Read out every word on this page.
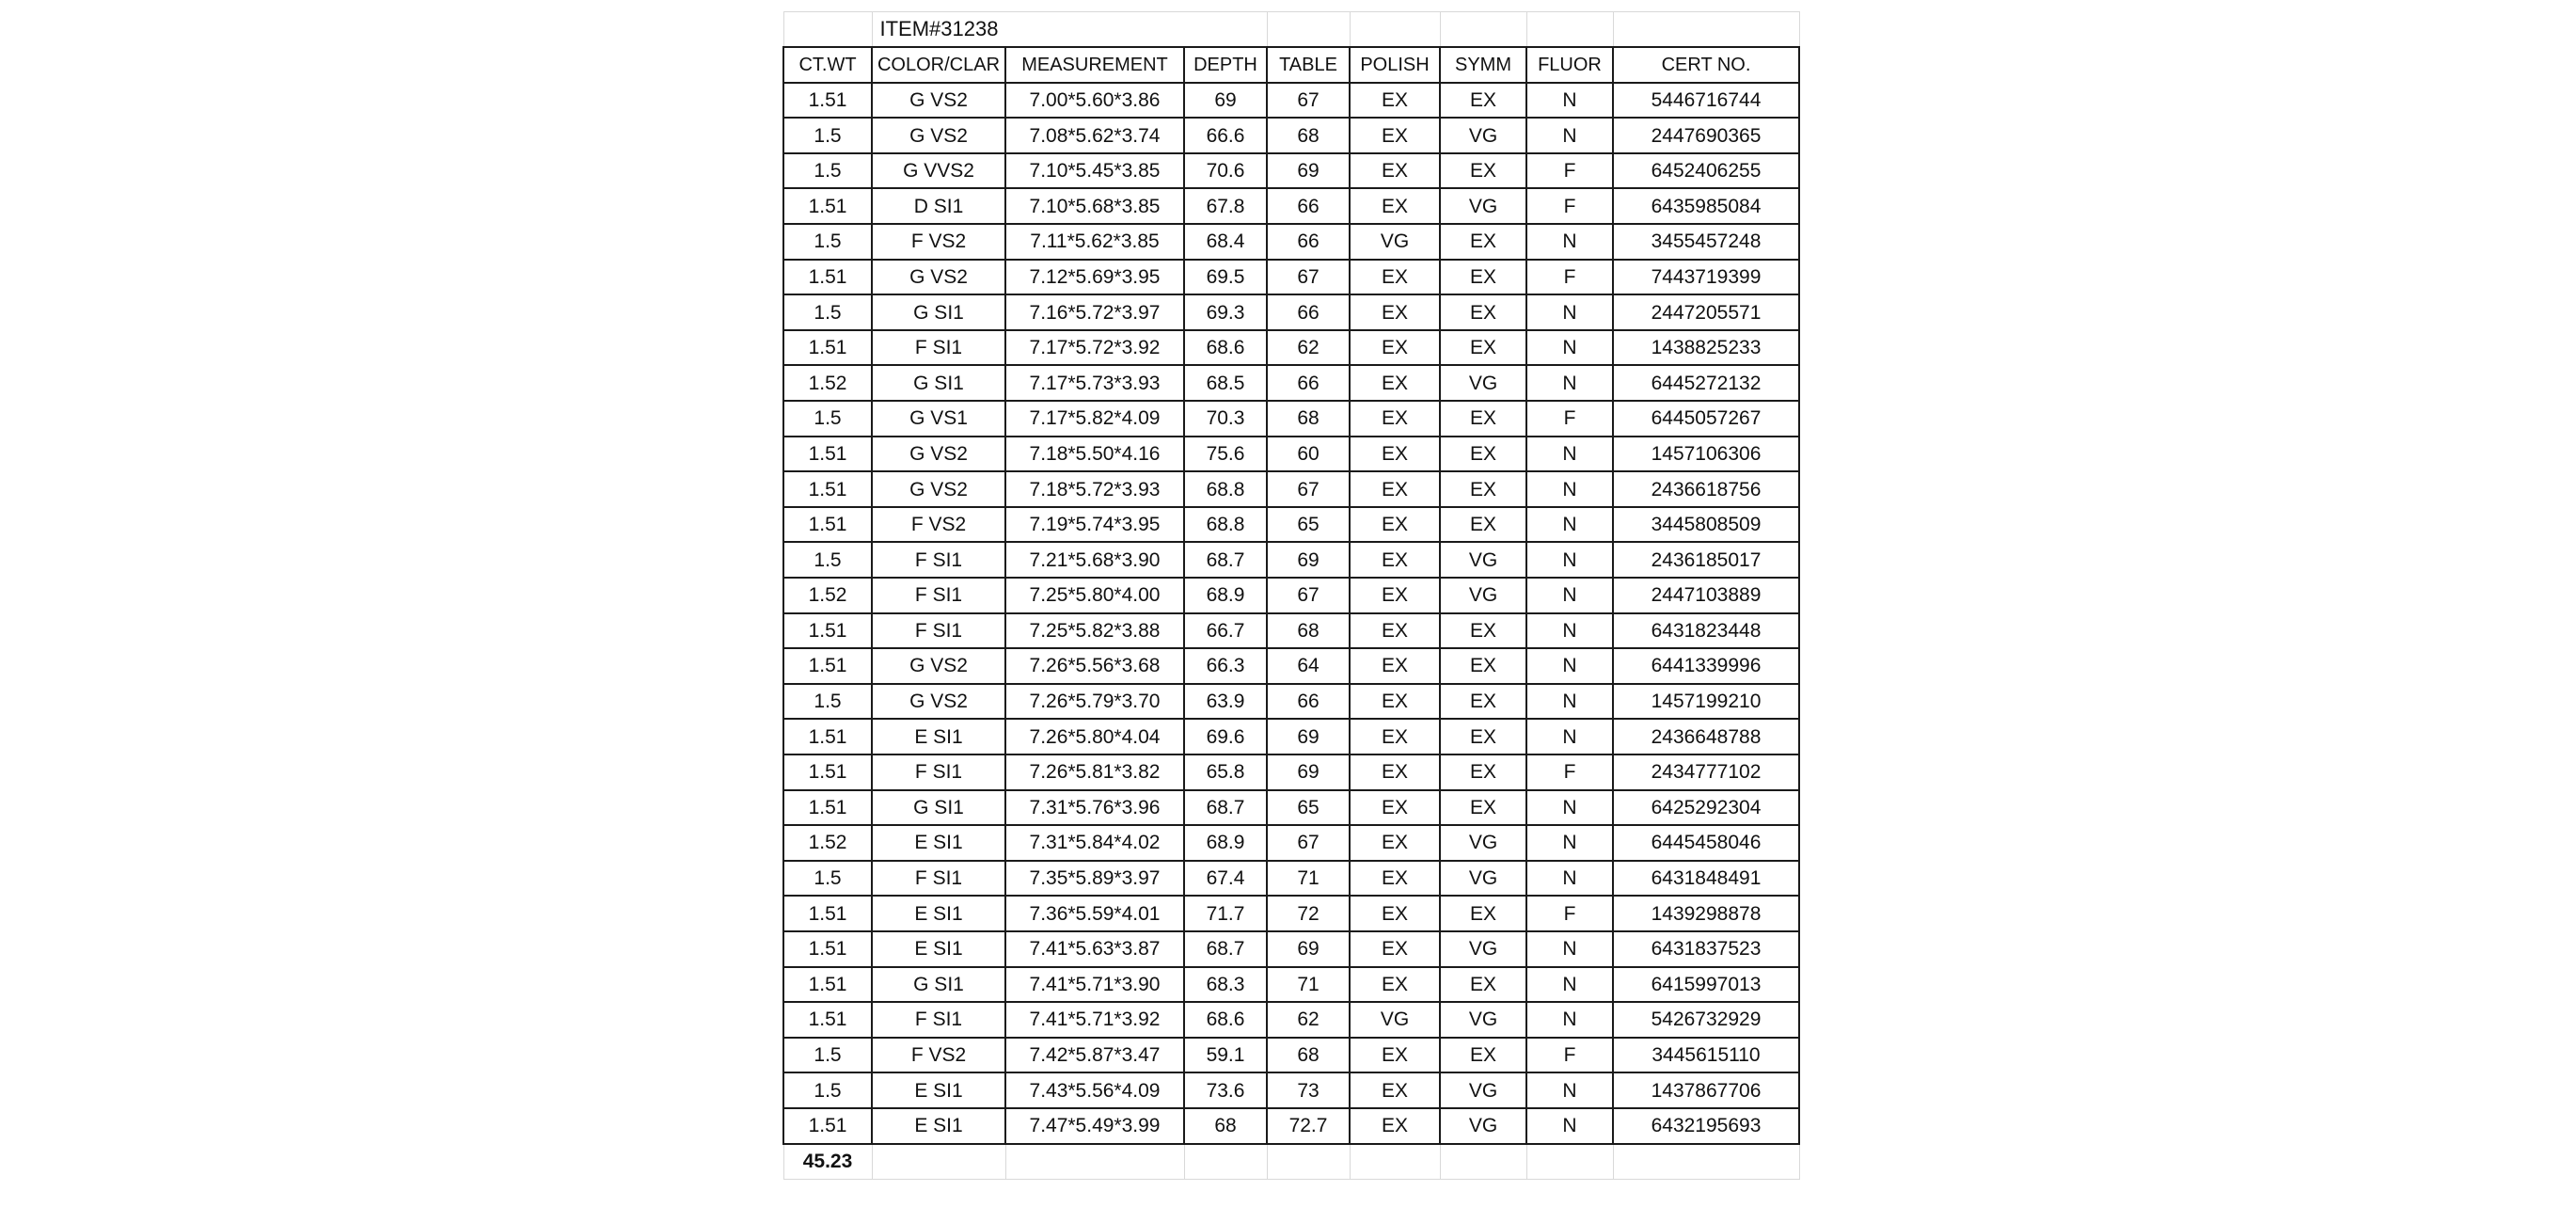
	ITEM#31238							
CT.WT	COLOR/CLAR	MEASUREMENT	DEPTH	TABLE	POLISH	SYMM	FLUOR	CERT NO.
1.51	G VS2	7.00*5.60*3.86	69	67	EX	EX	N	5446716744
1.5	G VS2	7.08*5.62*3.74	66.6	68	EX	VG	N	2447690365
1.5	G VVS2	7.10*5.45*3.85	70.6	69	EX	EX	F	6452406255
1.51	D SI1	7.10*5.68*3.85	67.8	66	EX	VG	F	6435985084
1.5	F VS2	7.11*5.62*3.85	68.4	66	VG	EX	N	3455457248
1.51	G VS2	7.12*5.69*3.95	69.5	67	EX	EX	F	7443719399
1.5	G SI1	7.16*5.72*3.97	69.3	66	EX	EX	N	2447205571
1.51	F SI1	7.17*5.72*3.92	68.6	62	EX	EX	N	1438825233
1.52	G SI1	7.17*5.73*3.93	68.5	66	EX	VG	N	6445272132
1.5	G VS1	7.17*5.82*4.09	70.3	68	EX	EX	F	6445057267
1.51	G VS2	7.18*5.50*4.16	75.6	60	EX	EX	N	1457106306
1.51	G VS2	7.18*5.72*3.93	68.8	67	EX	EX	N	2436618756
1.51	F VS2	7.19*5.74*3.95	68.8	65	EX	EX	N	3445808509
1.5	F SI1	7.21*5.68*3.90	68.7	69	EX	VG	N	2436185017
1.52	F SI1	7.25*5.80*4.00	68.9	67	EX	VG	N	2447103889
1.51	F SI1	7.25*5.82*3.88	66.7	68	EX	EX	N	6431823448
1.51	G VS2	7.26*5.56*3.68	66.3	64	EX	EX	N	6441339996
1.5	G VS2	7.26*5.79*3.70	63.9	66	EX	EX	N	1457199210
1.51	E SI1	7.26*5.80*4.04	69.6	69	EX	EX	N	2436648788
1.51	F SI1	7.26*5.81*3.82	65.8	69	EX	EX	F	2434777102
1.51	G SI1	7.31*5.76*3.96	68.7	65	EX	EX	N	6425292304
1.52	E SI1	7.31*5.84*4.02	68.9	67	EX	VG	N	6445458046
1.5	F SI1	7.35*5.89*3.97	67.4	71	EX	VG	N	6431848491
1.51	E SI1	7.36*5.59*4.01	71.7	72	EX	EX	F	1439298878
1.51	E SI1	7.41*5.63*3.87	68.7	69	EX	VG	N	6431837523
1.51	G SI1	7.41*5.71*3.90	68.3	71	EX	EX	N	6415997013
1.51	F SI1	7.41*5.71*3.92	68.6	62	VG	VG	N	5426732929
1.5	F VS2	7.42*5.87*3.47	59.1	68	EX	EX	F	3445615110
1.5	E SI1	7.43*5.56*4.09	73.6	73	EX	VG	N	1437867706
1.51	E SI1	7.47*5.49*3.99	68	72.7	EX	VG	N	6432195693
45.23								
